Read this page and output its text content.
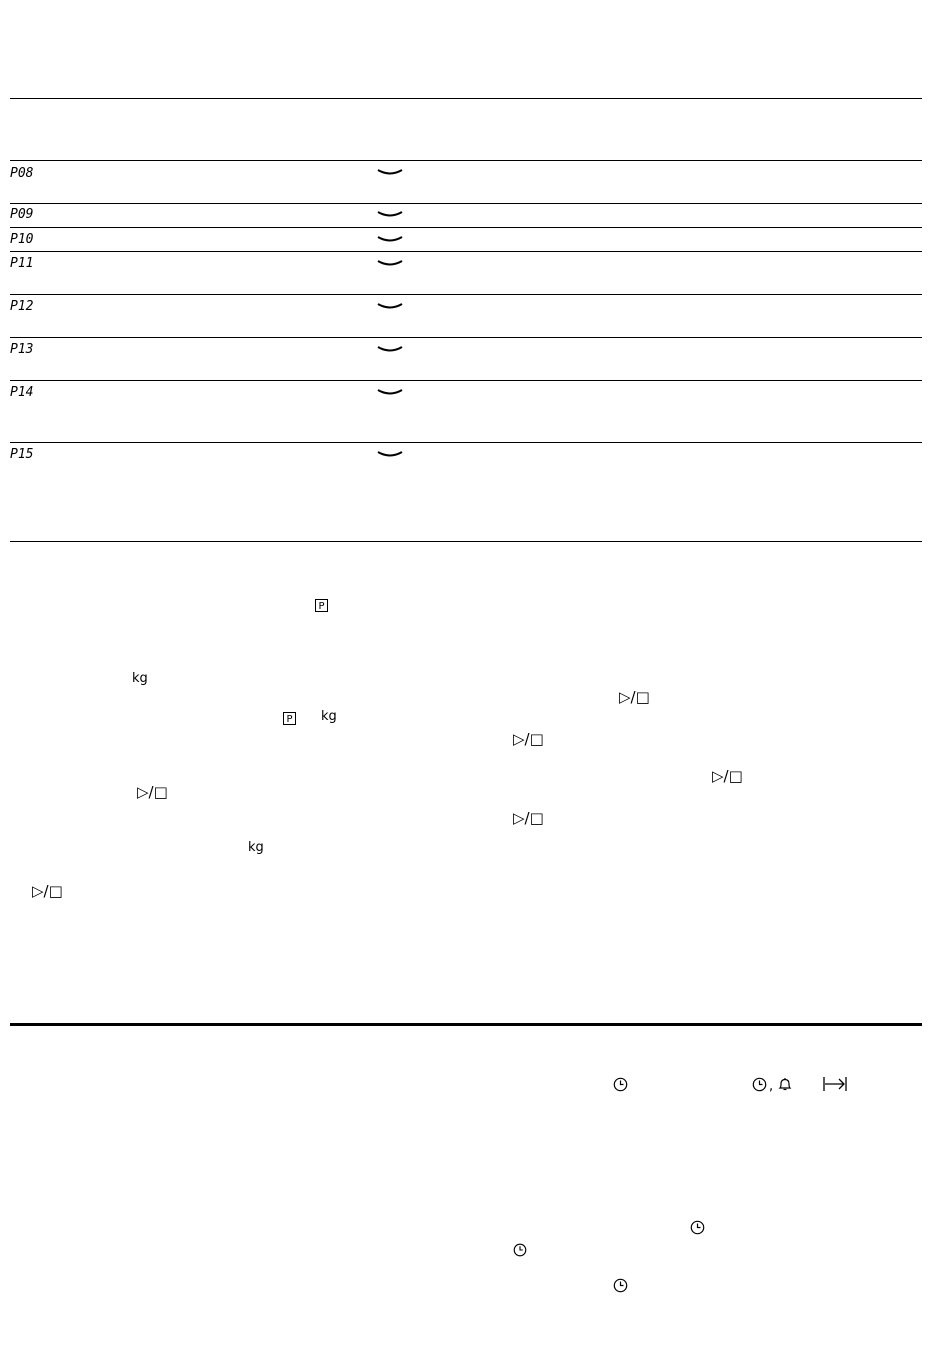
P08
P09
P10
P11
P12
P13
P14
P15
P
kg
P kg
▷/□
kg
▷/□
▷/□
▷/□
▷/□
▷/□
,
